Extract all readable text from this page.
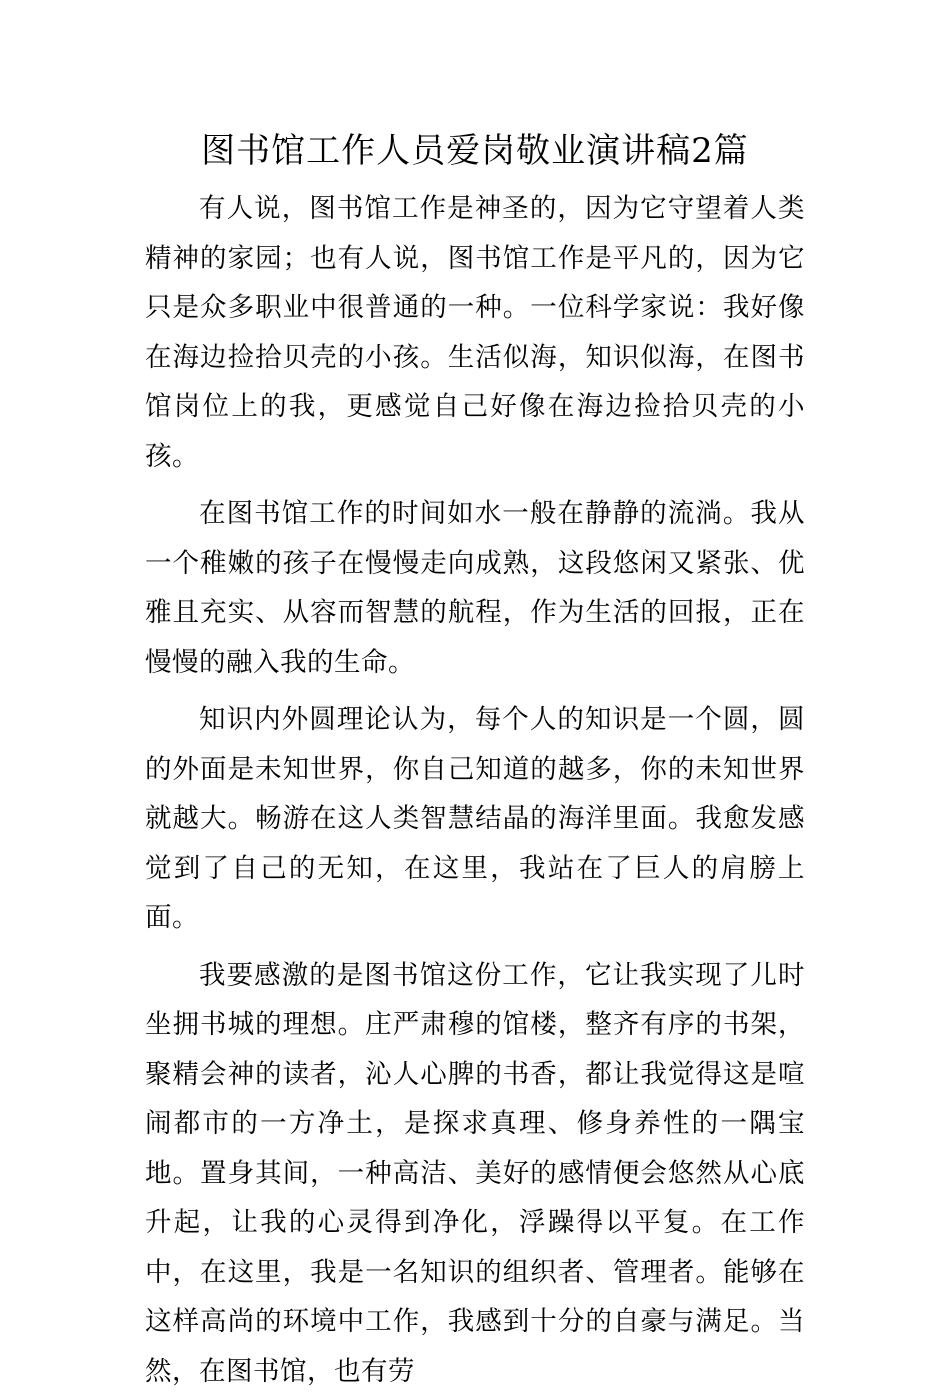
图书馆工作人员爱岗敬业演讲稿2篇

有人说，图书馆工作是神圣的，因为它守望着人类精神的家园；也有人说，图书馆工作是平凡的，因为它只是众多职业中很普通的一种。一位科学家说：我好像在海边捡拾贝壳的小孩。生活似海，知识似海，在图书馆岗位上的我，更感觉自己好像在海边捡拾贝壳的小孩。

在图书馆工作的时间如水一般在静静的流淌。我从一个稚嫩的孩子在慢慢走向成熟，这段悠闲又紧张、优雅且充实、从容而智慧的航程，作为生活的回报，正在慢慢的融入我的生命。

知识内外圆理论认为，每个人的知识是一个圆，圆的外面是未知世界，你自己知道的越多，你的未知世界就越大。畅游在这人类智慧结晶的海洋里面。我愈发感觉到了自己的无知，在这里，我站在了巨人的肩膀上面。

我要感激的是图书馆这份工作，它让我实现了儿时坐拥书城的理想。庄严肃穆的馆楼，整齐有序的书架，聚精会神的读者，沁人心脾的书香，都让我觉得这是喧闹都市的一方净土，是探求真理、修身养性的一隅宝地。置身其间，一种高洁、美好的感情便会悠然从心底升起，让我的心灵得到净化，浮躁得以平复。在工作中，在这里，我是一名知识的组织者、管理者。能够在这样高尚的环境中工作，我感到十分的自豪与满足。当然，在图书馆，也有劳
